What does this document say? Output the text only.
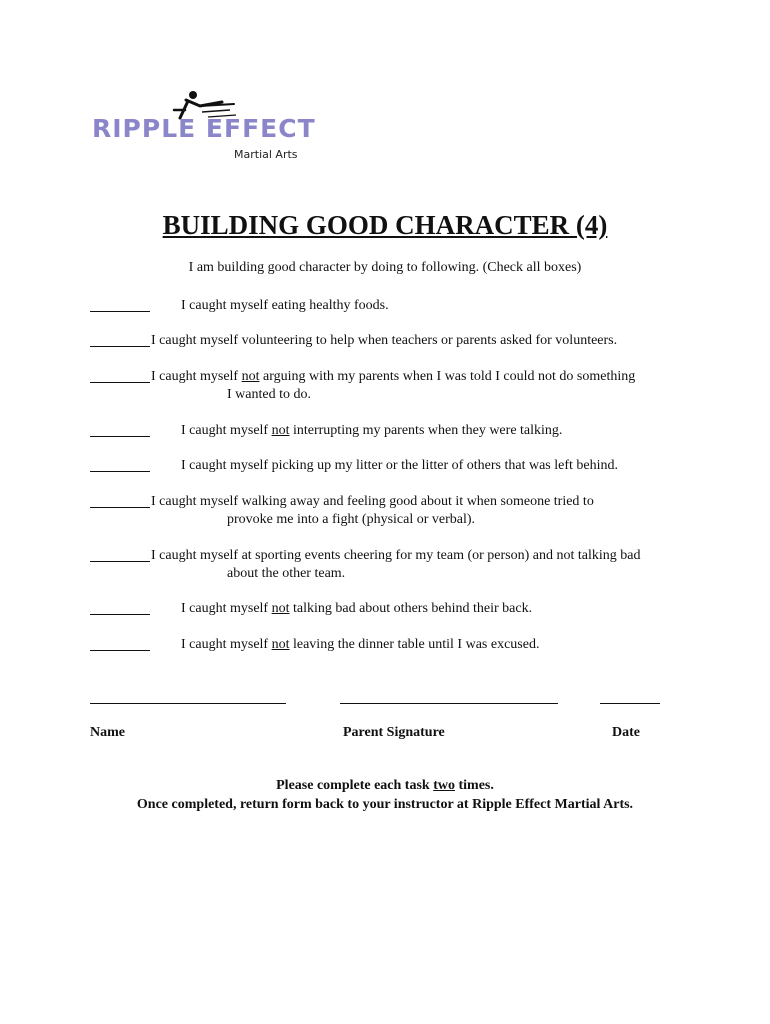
RIPPLE EFFECT
Martial Arts
BUILDING GOOD CHARACTER (4)
I am building good character by doing to following. (Check all boxes)
I caught myself eating healthy foods.
I caught myself volunteering to help when teachers or parents asked for volunteers.
I caught myself not arguing with my parents when I was told I could not do something
I wanted to do.
I caught myself not interrupting my parents when they were talking.
I caught myself picking up my litter or the litter of others that was left behind.
I caught myself walking away and feeling good about it when someone tried to
provoke me into a fight (physical or verbal).
I caught myself at sporting events cheering for my team (or person) and not talking bad
about the other team.
I caught myself not talking bad about others behind their back.
I caught myself not leaving the dinner table until I was excused.
Name	Parent Signature	Date
Please complete each task two times.
Once completed, return form back to your instructor at Ripple Effect Martial Arts.
